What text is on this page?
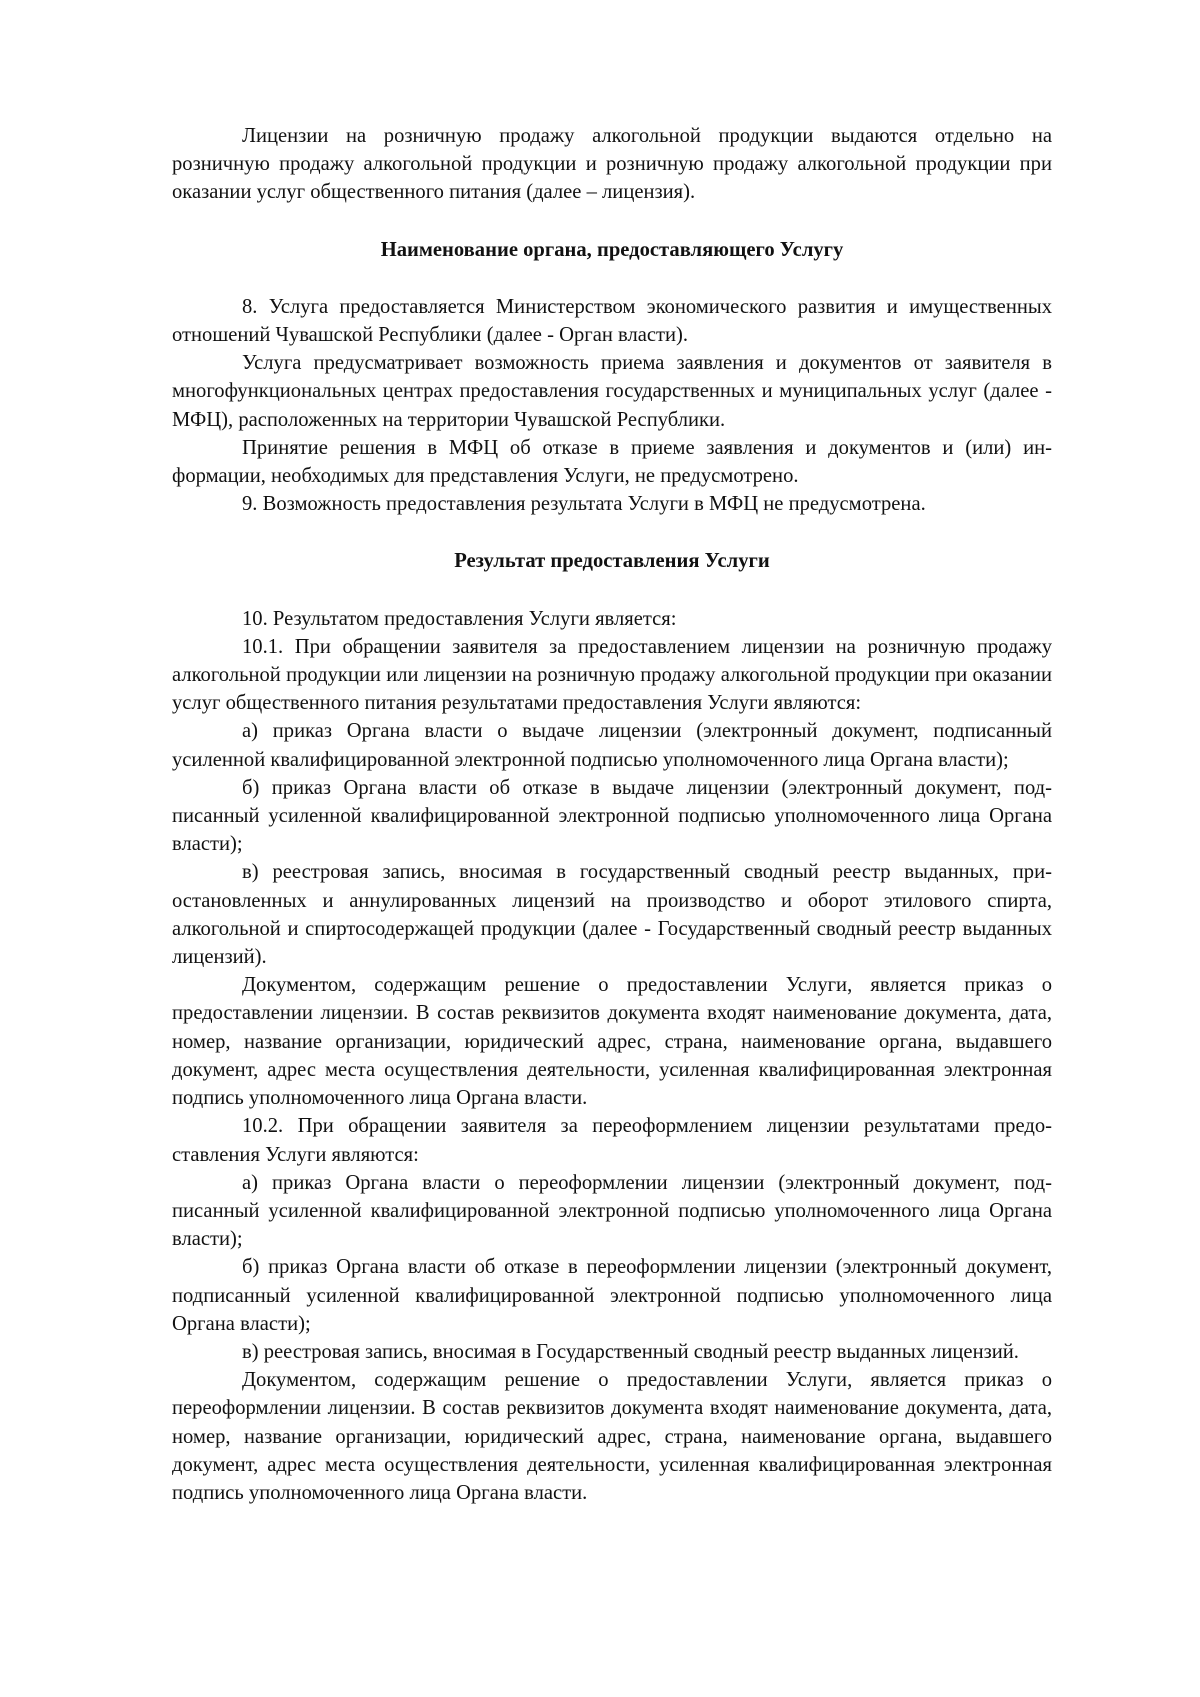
Лицензии на розничную продажу алкогольной продукции выдаются отдельно на розничную продажу алкогольной продукции и розничную продажу алкогольной продукции при оказании услуг общественного питания (далее – лицензия).

Наименование органа, предоставляющего Услугу

8. Услуга предоставляется Министерством экономического развития и имущественных отношений Чувашской Республики (далее - Орган власти).

Услуга предусматривает возможность приема заявления и документов от заявителя в многофункциональных центрах предоставления государственных и муниципальных услуг (далее - МФЦ), расположенных на территории Чувашской Республики.

Принятие решения в МФЦ об отказе в приеме заявления и документов и (или) информации, необходимых для представления Услуги, не предусмотрено.

9. Возможность предоставления результата Услуги в МФЦ не предусмотрена.

Результат предоставления Услуги

10. Результатом предоставления Услуги является:

10.1. При обращении заявителя за предоставлением лицензии на розничную продажу алкогольной продукции или лицензии на розничную продажу алкогольной продукции при оказании услуг общественного питания результатами предоставления Услуги являются:

а) приказ Органа власти о выдаче лицензии (электронный документ, подписанный усиленной квалифицированной электронной подписью уполномоченного лица Органа власти);

б) приказ Органа власти об отказе в выдаче лицензии (электронный документ, подписанный усиленной квалифицированной электронной подписью уполномоченного лица Органа власти);

в) реестровая запись, вносимая в государственный сводный реестр выданных, приостановленных и аннулированных лицензий на производство и оборот этилового спирта, алкогольной и спиртосодержащей продукции (далее - Государственный сводный реестр выданных лицензий).

Документом, содержащим решение о предоставлении Услуги, является приказ о предоставлении лицензии. В состав реквизитов документа входят наименование документа, дата, номер, название организации, юридический адрес, страна, наименование органа, выдавшего документ, адрес места осуществления деятельности, усиленная квалифицированная электронная подпись уполномоченного лица Органа власти.

10.2. При обращении заявителя за переоформлением лицензии результатами предоставления Услуги являются:

а) приказ Органа власти о переоформлении лицензии (электронный документ, подписанный усиленной квалифицированной электронной подписью уполномоченного лица Органа власти);

б) приказ Органа власти об отказе в переоформлении лицензии (электронный документ, подписанный усиленной квалифицированной электронной подписью уполномоченного лица Органа власти);

в) реестровая запись, вносимая в Государственный сводный реестр выданных лицензий.

Документом, содержащим решение о предоставлении Услуги, является приказ о переоформлении лицензии. В состав реквизитов документа входят наименование документа, дата, номер, название организации, юридический адрес, страна, наименование органа, выдавшего документ, адрес места осуществления деятельности, усиленная квалифицированная электронная подпись уполномоченного лица Органа власти.
